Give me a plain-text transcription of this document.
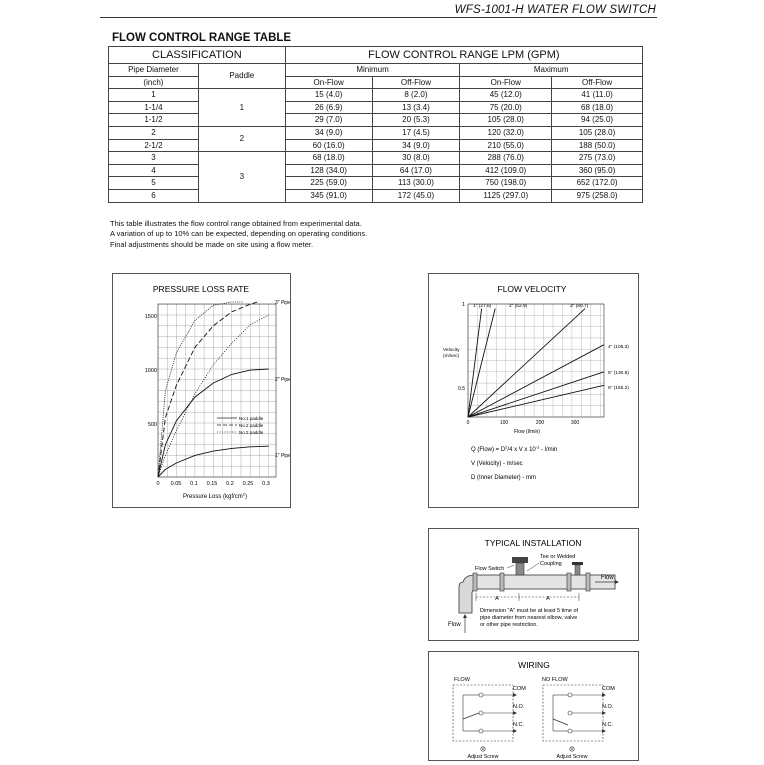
WFS-1001-H WATER FLOW SWITCH
FLOW CONTROL RANGE TABLE
CLASSIFICATION		FLOW CONTROL RANGE LPM (GPM)			
Pipe Diameter	Paddle	Minimum		Maximum	
(inch)		On-Flow	Off-Flow	On-Flow	Off-Flow
1	1	15 (4.0)	8 (2.0)	45 (12.0)	41 (11.0)
1-1/4		26 (6.9)	13 (3.4)	75 (20.0)	68 (18.0)
1-1/2		29 (7.0)	20 (5.3)	105 (28.0)	94 (25.0)
2	2	34 (9.0)	17 (4.5)	120 (32.0)	105 (28.0)
2-1/2		60 (16.0)	34 (9.0)	210 (55.0)	188 (50.0)
3	3	68 (18.0)	30 (8.0)	288 (76.0)	275 (73.0)
4		128 (34.0)	64 (17.0)	412 (109.0)	360 (95.0)
5		225 (59.0)	113 (30.0)	750 (198.0)	652 (172.0)
6		345 (91.0)	172 (45.0)	1125 (297.0)	975 (258.0)
This table illustrates the flow control range obtained from experimental data.
A variation of up to 10% can be expected, depending on operating conditions.
Final adjustments should be made on site using a flow meter.
PRESSURE LOSS RATE
1500
1000
500
0 0.05 0.1 0.15 0.2 0.25 0.3
3" Pipe
2" Pipe
1" Pipe
No.1 paddle
No.2 paddle
No.3 paddle
Pressure Loss $(kgf/cm^2)$
FLOW VELOCITY
Velocity
(m/sec)
0.5
1
0	100	200	300
Flow (l/min)
1" (27.6)	2" (52.9)	3" (80.7)
4" (105.3)
5" (130.8)
6" (155.2)
Q (Flow) = $D^2/4$ x V x $10^{-3} - l/\min$
V (Velocity) - m/sec
D (Inner Diameter) - mm
TYPICAL INSTALLATION
Tee or Welded
Coupling
Flow Switch
Flow
A	A
Dimension "A" must be at least 5 time of
pipe diameter from nearest elbow, valve
or other pipe restriction.
Flow
WIRING
FLOW	NO FLOW
COM
N.O.
N.C.
Adjust Screw
COM
N.O.
N.C.
Adjust Screw
